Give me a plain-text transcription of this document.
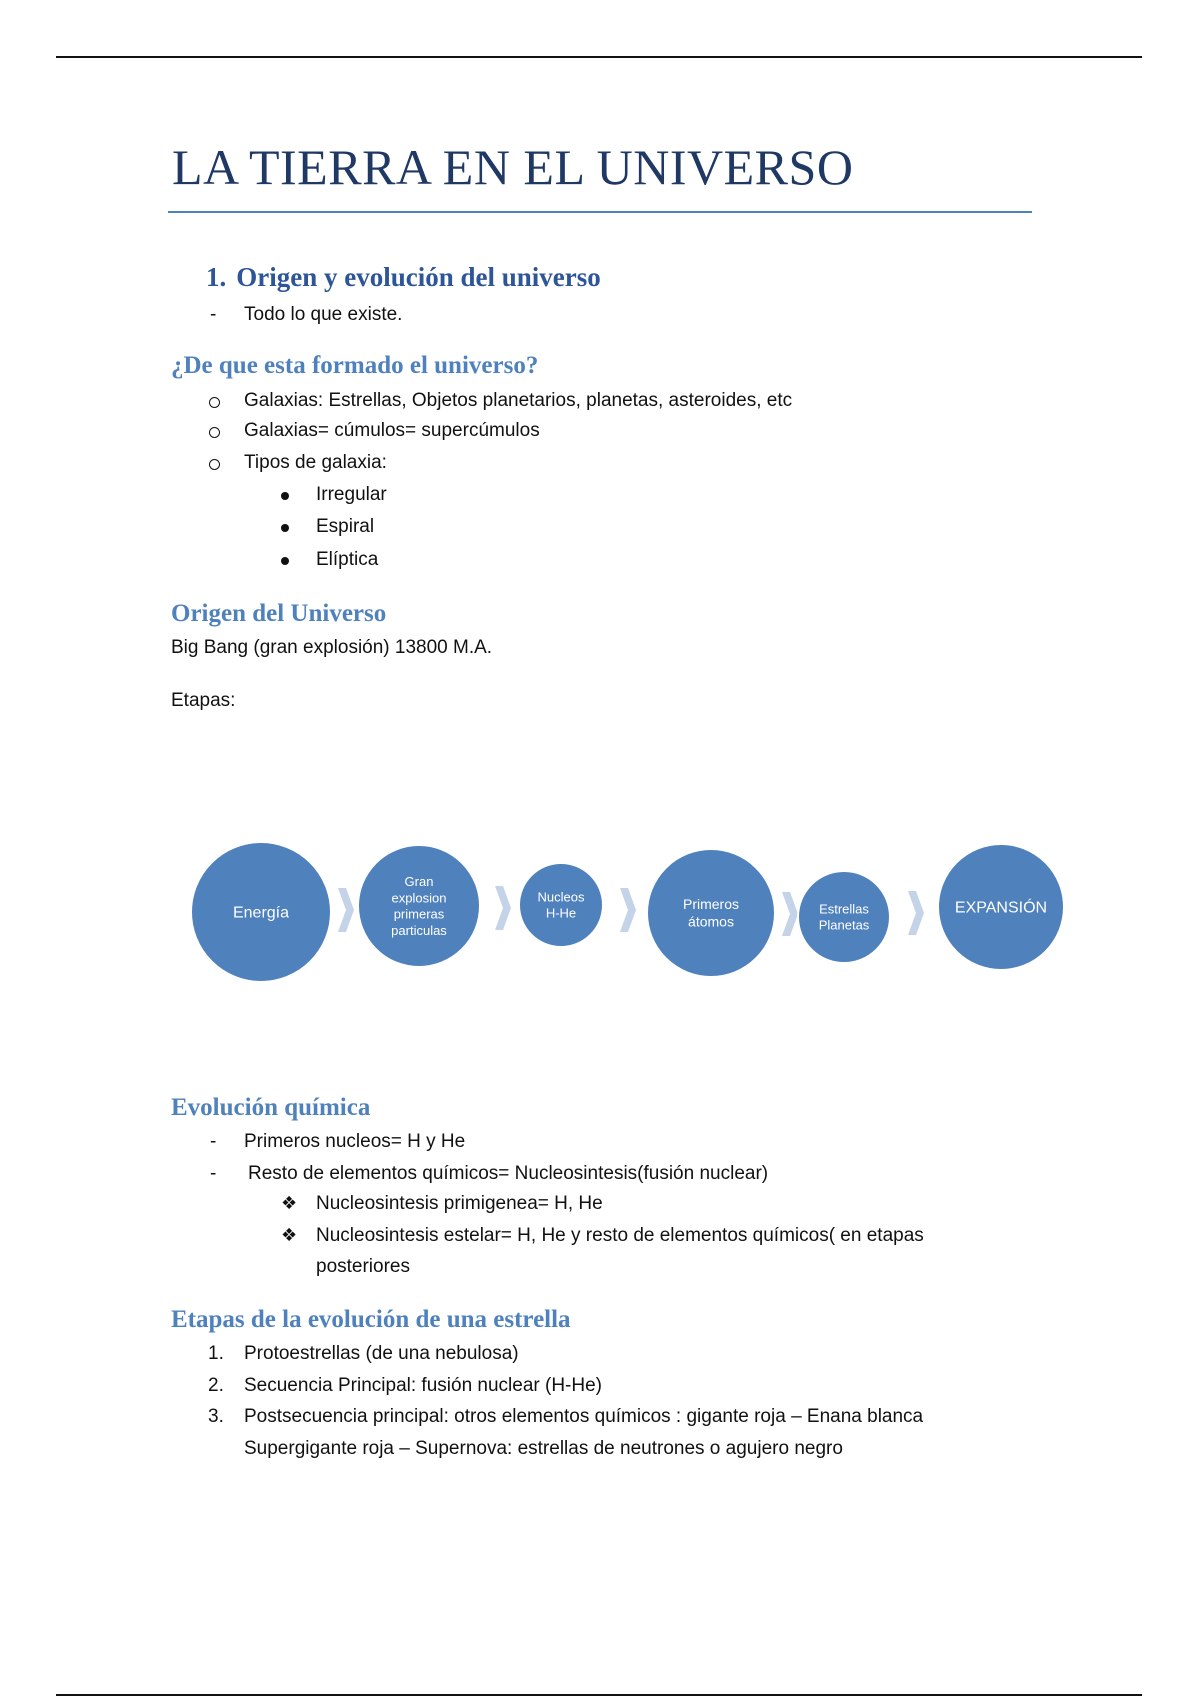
LA TIERRA EN EL UNIVERSO
1. Origen y evolución del universo
- Todo lo que existe.
¿De que esta formado el universo?
Galaxias: Estrellas, Objetos planetarios, planetas, asteroides, etc
Galaxias= cúmulos= supercúmulos
Tipos de galaxia:
Irregular
Espiral
Elíptica
Origen del Universo
Big Bang (gran explosión) 13800 M.A.
Etapas:
Energía
Gran
explosion
primeras
particulas
Nucleos
H-He
Primeros
átomos
Estrellas
Planetas
EXPANSIÓN
Evolución química
- Primeros nucleos= H y He
- Resto de elementos químicos= Nucleosintesis(fusión nuclear)
❖ Nucleosintesis primigenea= H, He
❖ Nucleosintesis estelar= H, He y resto de elementos químicos( en etapas
posteriores
Etapas de la evolución de una estrella
1. Protoestrellas (de una nebulosa)
2. Secuencia Principal: fusión nuclear (H-He)
3. Postsecuencia principal: otros elementos químicos : gigante roja – Enana blanca
Supergigante roja – Supernova: estrellas de neutrones o agujero negro
